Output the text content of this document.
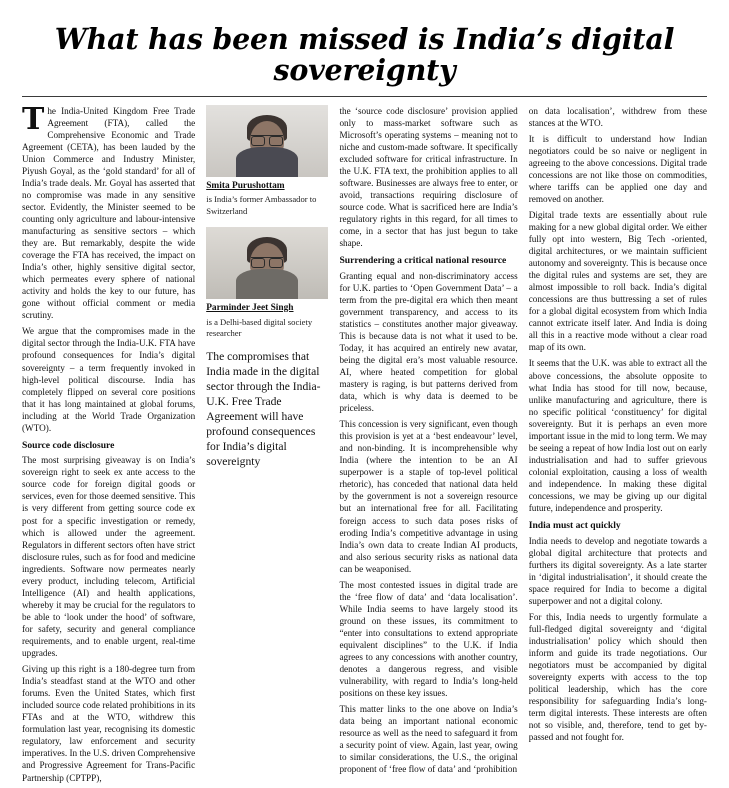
What has been missed is India’s digital sovereignty

The India-United Kingdom Free Trade Agreement (FTA), called the Comprehensive Economic and Trade Agreement (CETA), has been lauded by the Union Commerce and Industry Minister, Piyush Goyal, as the ‘gold standard’ for all of India’s trade deals. Mr. Goyal has asserted that no compromise was made in any sensitive sector. Evidently, the Minister seemed to be counting only agriculture and labour-intensive manufacturing as sensitive sectors – which they are. But remarkably, despite the wide coverage the FTA has received, the impact on India’s other, highly sensitive digital sector, which permeates every sphere of national activity and holds the key to our future, has gone without official comment or media scrutiny.

We argue that the compromises made in the digital sector through the India-U.K. FTA have profound consequences for India’s digital sovereignty – a term frequently invoked in high-level political discourse. India has completely flipped on several core positions that it has long maintained at global forums, including at the World Trade Organization (WTO).

Source code disclosure

The most surprising giveaway is on India’s sovereign right to seek ex ante access to the source code for foreign digital goods or services, even for those deemed sensitive. This is very different from getting source code ex post for a specific investigation or remedy, which is allowed under the agreement. Regulators in different sectors often have strict disclosure rules, such as for food and medicine ingredients. Software now permeates nearly every product, including telecom, Artificial Intelligence (AI) and health applications, whereby it may be crucial for the regulators to be able to ‘look under the hood’ of software, for safety, security and general compliance requirements, and to enable urgent, real-time upgrades.

Giving up this right is a 180-degree turn from India’s steadfast stand at the WTO and other forums. Even the United States, which first included source code related prohibitions in its FTAs and at the WTO, withdrew this formulation last year, recognising its domestic regulatory, law enforcement and security imperatives. In the U.S. driven Comprehensive and Progressive Agreement for Trans-Pacific Partnership (CPTPP),

Smita Purushottam

is India’s former Ambassador to Switzerland

Parminder Jeet Singh

is a Delhi-based digital society researcher

The compromises that India made in the digital sector through the India-U.K. Free Trade Agreement will have profound consequences for India’s digital sovereignty

the ‘source code disclosure’ provision applied only to mass-market software such as Microsoft’s operating systems – meaning not to niche and custom-made software. It specifically excluded software for critical infrastructure. In the U.K. FTA text, the prohibition applies to all software. Businesses are always free to enter, or avoid, transactions requiring disclosure of source code. What is sacrificed here are India’s regulatory rights in this regard, for all times to come, in a sector that has just begun to take shape.

Surrendering a critical national resource

Granting equal and non-discriminatory access for U.K. parties to ‘Open Government Data’ – a term from the pre-digital era which then meant government transparency, and access to its statistics – constitutes another major giveaway. This is because data is not what it used to be. Today, it has acquired an entirely new avatar, being the digital era’s most valuable resource. AI, where heated competition for global mastery is raging, is but patterns derived from data, which is why data is deemed to be priceless.

This concession is very significant, even though this provision is yet at a ‘best endeavour’ level, and non-binding. It is incomprehensible why India (where the intention to be an AI superpower is a staple of top-level political rhetoric), has conceded that national data held by the government is not a sovereign resource but an international free for all. Facilitating foreign access to such data poses risks of eroding India’s competitive advantage in using India’s own data to create Indian AI products, and also serious security risks as national data can be weaponised.

The most contested issues in digital trade are the ‘free flow of data’ and ‘data localisation’. While India seems to have largely stood its ground on these issues, its commitment to “enter into consultations to extend appropriate equivalent disciplines” to the U.K. if India agrees to any concessions with another country, denotes a dangerous regress, and visible vulnerability, with regard to India’s long-held positions on these key issues.

This matter links to the one above on India’s data being an important national economic resource as well as the need to safeguard it from a security point of view. Again, last year, owing to similar considerations, the U.S., the original proponent of ‘free flow of data’ and ‘prohibition

on data localisation’, withdrew from these stances at the WTO.

It is difficult to understand how Indian negotiators could be so naive or negligent in agreeing to the above concessions. Digital trade concessions are not like those on commodities, where tariffs can be applied one day and removed on another.

Digital trade texts are essentially about rule making for a new global digital order. We either fully opt into western, Big Tech -oriented, digital architectures, or we maintain sufficient autonomy and sovereignty. This is because once the digital rules and systems are set, they are almost impossible to roll back. India’s digital concessions are thus buttressing a set of rules for a global digital ecosystem from which India cannot extricate itself later. And India is doing all this in a reactive mode without a clear road map of its own.

It seems that the U.K. was able to extract all the above concessions, the absolute opposite to what India has stood for till now, because, unlike manufacturing and agriculture, there is no specific political ‘constituency’ for digital sovereignty. But it is perhaps an even more important issue in the mid to long term. We may be seeing a repeat of how India lost out on early industrialisation and had to suffer grievous colonial exploitation, causing a loss of wealth and independence. In making these digital concessions, we may be giving up our digital future, independence and prosperity.

India must act quickly

India needs to develop and negotiate towards a global digital architecture that protects and furthers its digital sovereignty. As a late starter in ‘digital industrialisation’, it should create the space required for India to become a digital superpower and not a digital colony.

For this, India needs to urgently formulate a full-fledged digital sovereignty and ‘digital industrialisation’ policy which should then inform and guide its trade negotiations. Our negotiators must be accompanied by digital sovereignty experts with access to the top political leadership, which has the core responsibility for safeguarding India’s long-term digital interests. These interests are often not so visible, and, therefore, tend to get by-passed and not fought for.
